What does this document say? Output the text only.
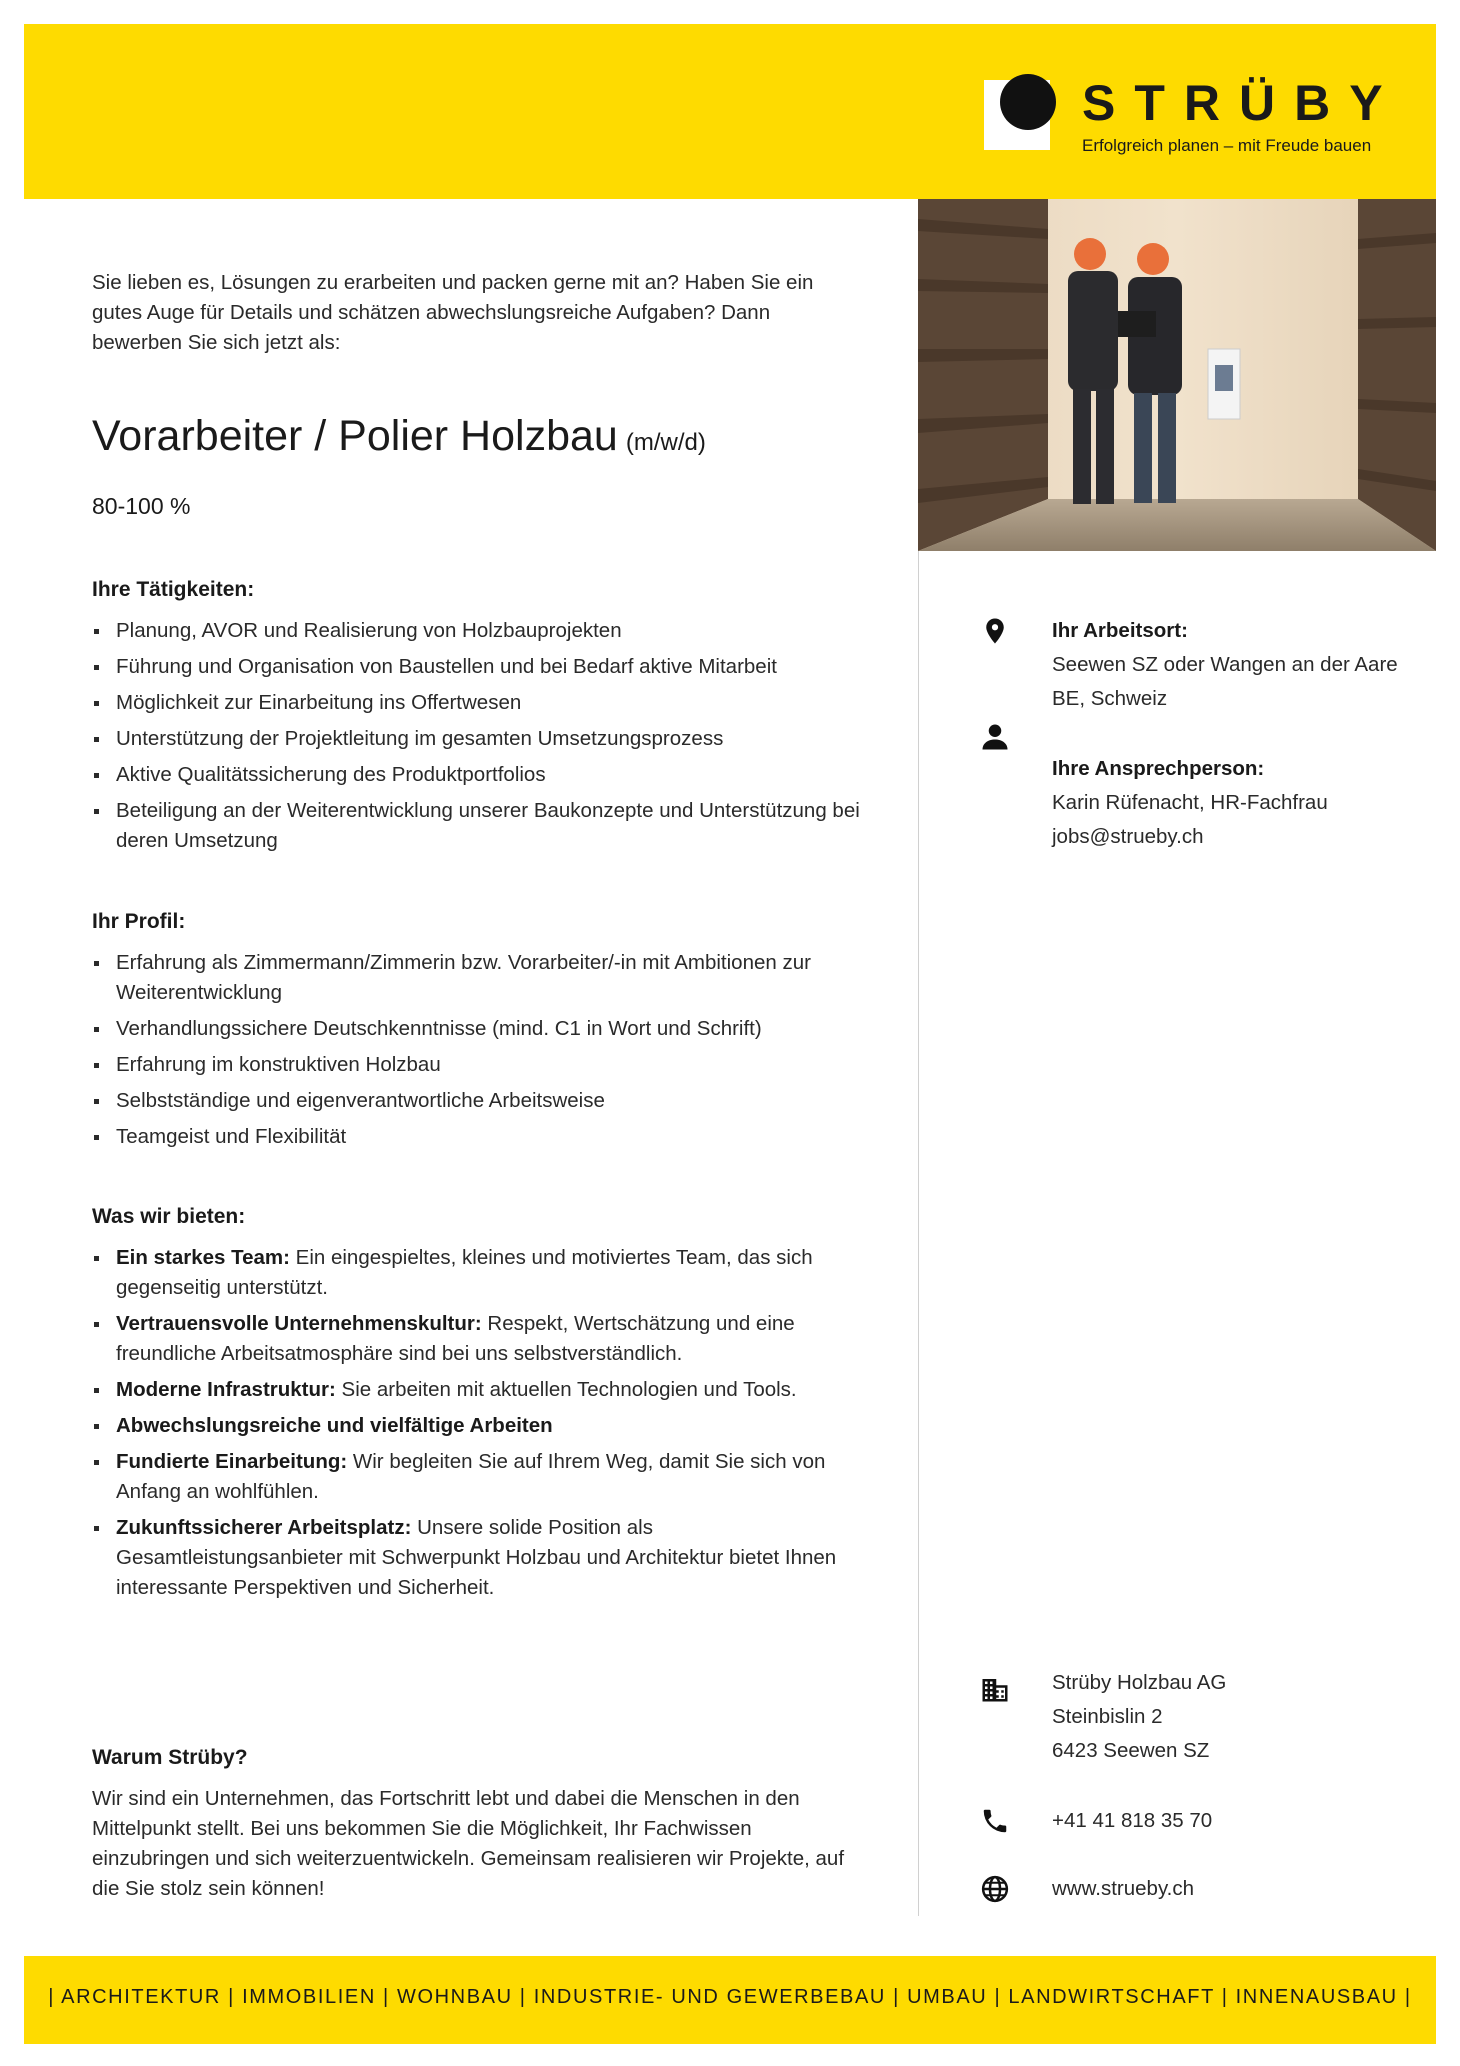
STRÜBY
Erfolgreich planen – mit Freude bauen

Sie lieben es, Lösungen zu erarbeiten und packen gerne mit an? Haben Sie ein gutes Auge für Details und schätzen abwechslungsreiche Aufgaben? Dann bewerben Sie sich jetzt als:

Vorarbeiter / Polier Holzbau (m/w/d)
80-100 %
Ihre Tätigkeiten:
Planung, AVOR und Realisierung von Holzbauprojekten
Führung und Organisation von Baustellen und bei Bedarf aktive Mitarbeit
Möglichkeit zur Einarbeitung ins Offertwesen
Unterstützung der Projektleitung im gesamten Umsetzungsprozess
Aktive Qualitätssicherung des Produktportfolios
Beteiligung an der Weiterentwicklung unserer Baukonzepte und Unterstützung bei deren Umsetzung
Ihr Profil:
Erfahrung als Zimmermann/Zimmerin bzw. Vorarbeiter/-in mit Ambitionen zur Weiterentwicklung
Verhandlungssichere Deutschkenntnisse (mind. C1 in Wort und Schrift)
Erfahrung im konstruktiven Holzbau
Selbstständige und eigenverantwortliche Arbeitsweise
Teamgeist und Flexibilität
Was wir bieten:
Ein starkes Team: Ein eingespieltes, kleines und motiviertes Team, das sich gegenseitig unterstützt.
Vertrauensvolle Unternehmenskultur: Respekt, Wertschätzung und eine freundliche Arbeitsatmosphäre sind bei uns selbstverständlich.
Moderne Infrastruktur: Sie arbeiten mit aktuellen Technologien und Tools.
Abwechslungsreiche und vielfältige Arbeiten
Fundierte Einarbeitung: Wir begleiten Sie auf Ihrem Weg, damit Sie sich von Anfang an wohlfühlen.
Zukunftssicherer Arbeitsplatz: Unsere solide Position als Gesamtleistungsanbieter mit Schwerpunkt Holzbau und Architektur bietet Ihnen interessante Perspektiven und Sicherheit.
Warum Strüby?

Wir sind ein Unternehmen, das Fortschritt lebt und dabei die Menschen in den Mittelpunkt stellt. Bei uns bekommen Sie die Möglichkeit, Ihr Fachwissen einzubringen und sich weiterzuentwickeln. Gemeinsam realisieren wir Projekte, auf die Sie stolz sein können!

Ihr Arbeitsort:
Seewen SZ oder Wangen an der Aare
BE, Schweiz
Ihre Ansprechperson:
Karin Rüfenacht, HR-Fachfrau
jobs@strueby.ch
Strüby Holzbau AG
Steinbislin 2
6423 Seewen SZ
+41 41 818 35 70
www.strueby.ch
| ARCHITEKTUR | IMMOBILIEN | WOHNBAU | INDUSTRIE- UND GEWERBEBAU | UMBAU | LANDWIRTSCHAFT | INNENAUSBAU |
